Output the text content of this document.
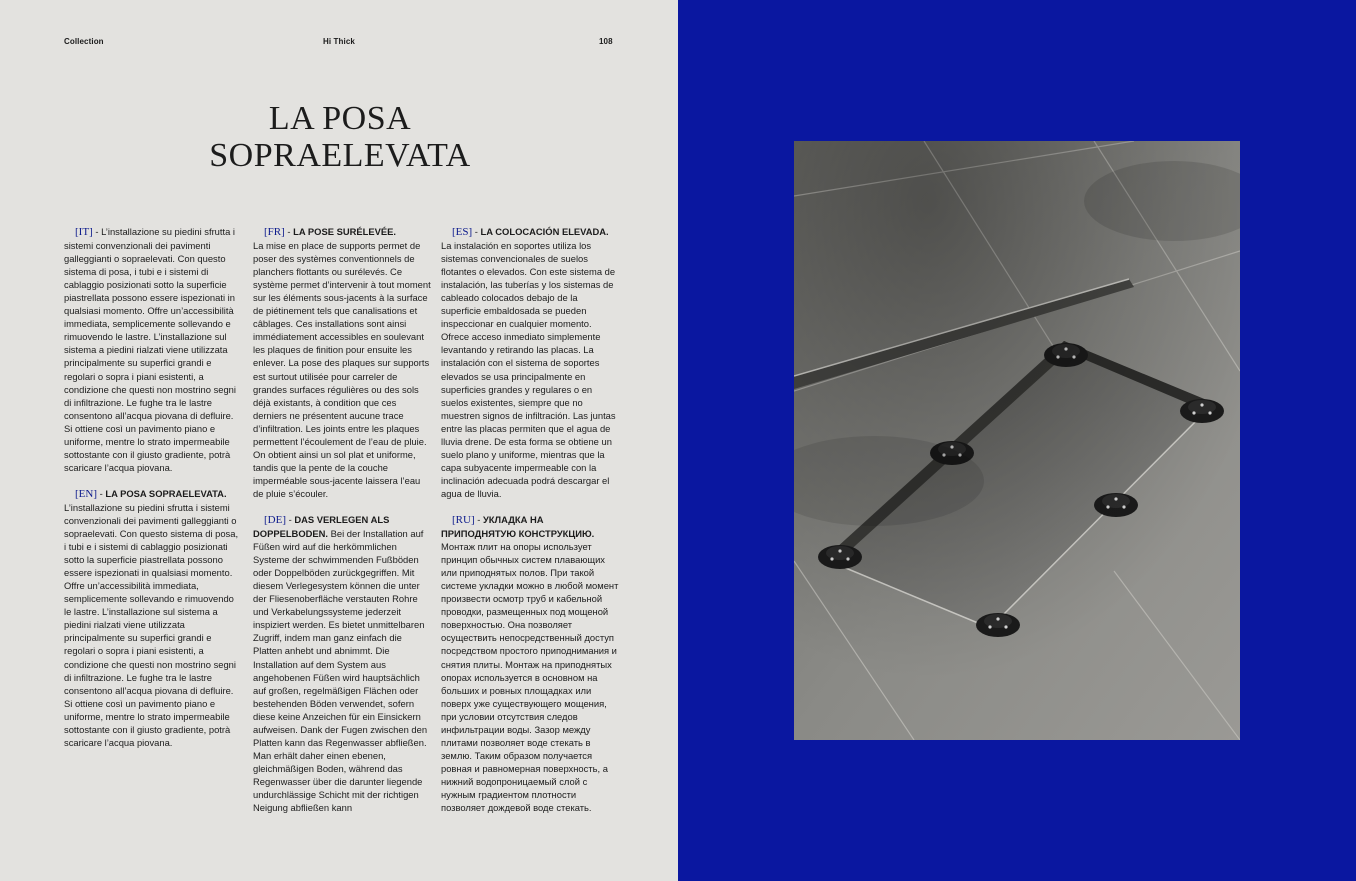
Collection	Hi Thick	108
LA POSA
SOPRAELEVATA

[IT] - L’installazione su piedini sfrutta i sistemi convenzionali dei pavimenti galleggianti o sopraelevati. Con questo sistema di posa, i tubi e i sistemi di cablaggio posizionati sotto la superficie piastrellata possono essere ispezionati in qualsiasi momento. Offre un’accessibilità immediata, semplicemente sollevando e rimuovendo le lastre. L’installazione sul sistema a piedini rialzati viene utilizzata principalmente su superfici grandi e regolari o sopra i piani esistenti, a condizione che questi non mostrino segni di infiltrazione. Le fughe tra le lastre consentono all’acqua piovana di defluire. Si ottiene così un pavimento piano e uniforme, mentre lo strato impermeabile sottostante con il giusto gradiente, potrà scaricare l’acqua piovana.

[EN] - LA POSA SOPRAELEVATA.
L’installazione su piedini sfrutta i sistemi convenzionali dei pavimenti galleggianti o sopraelevati. Con questo sistema di posa, i tubi e i sistemi di cablaggio posizionati sotto la superficie piastrellata possono essere ispezionati in qualsiasi momento. Offre un’accessibilità immediata, semplicemente sollevando e rimuovendo le lastre. L’installazione sul sistema a piedini rialzati viene utilizzata principalmente su superfici grandi e regolari o sopra i piani esistenti, a condizione che questi non mostrino segni di infiltrazione. Le fughe tra le lastre consentono all’acqua piovana di defluire. Si ottiene così un pavimento piano e uniforme, mentre lo strato impermeabile sottostante con il giusto gradiente, potrà scaricare l’acqua piovana.

[FR] - LA POSE SURÉLEVÉE.
La mise en place de supports permet de poser des systèmes conventionnels de planchers flottants ou surélevés. Ce système permet d’intervenir à tout moment sur les éléments sous-jacents à la surface de piétinement tels que canalisations et câblages. Ces installations sont ainsi immédiatement accessibles en soulevant les plaques de finition pour ensuite les enlever. La pose des plaques sur supports est surtout utilisée pour carreler de grandes surfaces régulières ou des sols déjà existants, à condition que ces derniers ne présentent aucune trace d’infiltration. Les joints entre les plaques permettent l’écoulement de l’eau de pluie. On obtient ainsi un sol plat et uniforme, tandis que la pente de la couche imperméable sous-jacente laissera l’eau de pluie s’écouler.

[DE] - DAS VERLEGEN ALS DOPPELBODEN. Bei der Installation auf Füßen wird auf die herkömmlichen Systeme der schwimmenden Fußböden oder Doppelböden zurückgegriffen. Mit diesem Verlegesystem können die unter der Fliesenoberfläche verstauten Rohre und Verkabelungssysteme jederzeit inspiziert werden. Es bietet unmittelbaren Zugriff, indem man ganz einfach die Platten anhebt und abnimmt. Die Installation auf dem System aus angehobenen Füßen wird hauptsächlich auf großen, regelmäßigen Flächen oder bestehenden Böden verwendet, sofern diese keine Anzeichen für ein Einsickern aufweisen. Dank der Fugen zwischen den Platten kann das Regenwasser abfließen. Man erhält daher einen ebenen, gleichmäßigen Boden, während das Regenwasser über die darunter liegende undurchlässige Schicht mit der richtigen Neigung abfließen kann

[ES] - LA COLOCACIÓN ELEVADA. La instalación en soportes utiliza los sistemas convencionales de suelos flotantes o elevados. Con este sistema de instalación, las tuberías y los sistemas de cableado colocados debajo de la superficie embaldosada se pueden inspeccionar en cualquier momento. Ofrece acceso inmediato simplemente levantando y retirando las placas. La instalación con el sistema de soportes elevados se usa principalmente en superficies grandes y regulares o en suelos existentes, siempre que no muestren signos de infiltración. Las juntas entre las placas permiten que el agua de lluvia drene. De esta forma se obtiene un suelo plano y uniforme, mientras que la capa subyacente impermeable con la inclinación adecuada podrá descargar el agua de lluvia.

[RU] - УКЛАДКА НА ПРИПОДНЯТУЮ КОНСТРУКЦИЮ.
Монтаж плит на опоры использует принцип обычных систем плавающих или приподнятых полов. При такой системе укладки можно в любой момент произвести осмотр труб и кабельной проводки, размещенных под мощеной поверхностью. Она позволяет осуществить непосредственный доступ посредством простого приподнимания и снятия плиты. Монтаж на приподнятых опорах используется в основном на больших и ровных площадках или поверх уже существующего мощения, при условии отсутствия следов инфильтрации воды. Зазор между плитами позволяет воде стекать в землю. Таким образом получается ровная и равномерная поверхность, а нижний водопроницаемый слой с нужным градиентом плотности позволяет дождевой воде стекать.
